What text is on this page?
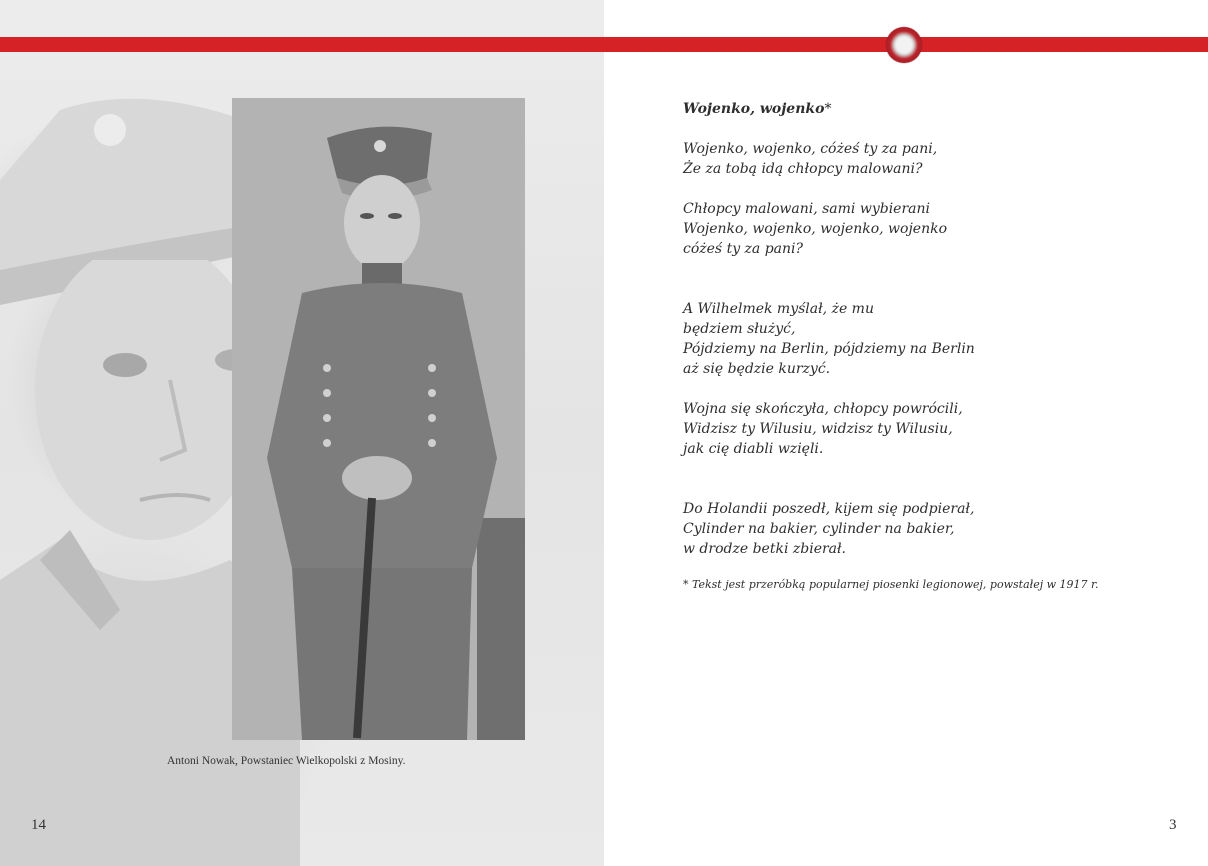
Antoni Nowak, Powstaniec Wielkopolski z Mosiny.
14
Wojenko, wojenko*
Wojenko, wojenko, cóżeś ty za pani,
Że za tobą idą chłopcy malowani?
Chłopcy malowani, sami wybierani
Wojenko, wojenko, wojenko, wojenko
cóżeś ty za pani?
A Wilhelmek myślał, że mu
będziem służyć,
Pójdziemy na Berlin, pójdziemy na Berlin
aż się będzie kurzyć.
Wojna się skończyła, chłopcy powrócili,
Widzisz ty Wilusiu, widzisz ty Wilusiu,
jak cię diabli wzięli.
Do Holandii poszedł, kijem się podpierał,
Cylinder na bakier, cylinder na bakier,
w drodze betki zbierał.
* Tekst jest przeróbką popularnej piosenki legionowej, powstałej w 1917 r.
3
